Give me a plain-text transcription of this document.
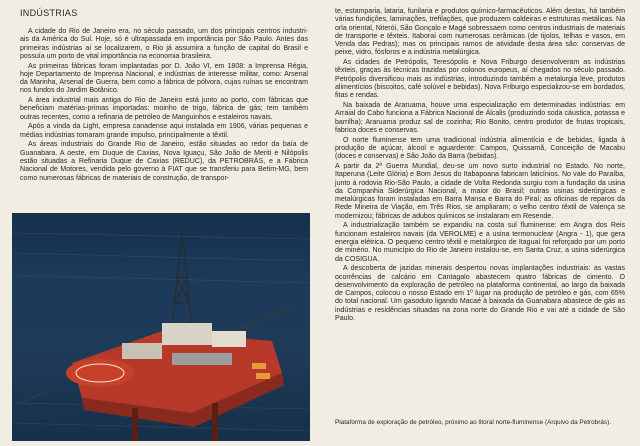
INDÚSTRIAS

A cidade do Rio de Janeiro era, no século passado, um dos principais centros industri- ais da América do Sul. Hoje, só é ultrapassada em importância por São Paulo. Antes das primeiras indústrias aí se localizarem, o Rio já assumira a função de capital do Brasil e possuía um porto de vital importância na economia brasileira.

As primeiras fábricas foram implantadas por D. João VI, em 1808: a Imprensa Régia, hoje Departamento de Imprensa Nacional, e indústrias de interesse militar, como: Arsenal da Marinha, Arsenal de Guerra, bem como a fábrica de pólvora, cujas ruínas se encontram nos fundos do Jardim Botânico.

A área industrial mais antiga do Rio de Janeiro está junto ao porto, com fábricas que beneficiam matérias-primas importadas: moinho de trigo, fábrica de gás; tem também outras recentes, como a refinaria de petróleo de Manguinhos e estaleiros navais.

Após a vinda da Light, empresa canadense aqui instalada em 1906, várias pequenas e médias indústrias tomaram grande impulso, principalmente a têxtil.

As áreas industriais do Grande Rio de Janeiro, estão situadas ao redor da baía de Guanabara. A oeste, em Duque de Caxias, Nova Iguaçu, São João de Meriti e Nilópolis estão situadas a Refinaria Duque de Caxias (REDUC), da PETROBRÁS, e a Fábrica Nacional de Motores, vendida pelo governo à FIAT que se transferiu para Betim-MG, bem como numerosas fábricas de materiais de construção, de transpor-

te, estamparia, lataria, funilaria e produtos químico-farmacêuticos. Além destas, há também várias fundições, laminações, trefilações, que produzem caldeiras e estruturas metálicas. Na orla oriental, Niterói, São Gonçalo e Magé sobressaem como centros industriais de materiais de transporte e têxteis. Itaboraí com numerosas cerâmicas (de tijolos, telhas e vasos, em Venda das Pedras); mas os principais ramos de atividade desta área são: conservas de peixe, vidro, fósforos e a indústria metalúrgica.

As cidades de Petrópolis, Teresópolis e Nova Friburgo desenvolveram as indústrias têxteis, graças às técnicas trazidas por colonos europeus, aí chegados no século passado. Petrópolis diversificou mais as indústrias, introduzindo também a metalurgia leve, produtos alimentícios (biscoitos, café solúvel e bebidas). Nova Friburgo especializou-se em bordados, fitas e rendas.

Na baixada de Araruama, houve uma especialização em determinadas indústrias: em Arraial do Cabo funciona a Fábrica Nacional de Álcalis (produzindo soda cáustica, potassa e barrilha); Araruama produz sal de cozinha; Rio Bonito, centro produtor de frutas tropicais, fabrica doces e conservas.

O norte fluminense tem uma tradicional indústria alimentícia e de bebidas, ligada à produção de açúcar, álcool e aguardente: Campos, Quissamã, Conceição de Macabu (doces e conservas) e São João da Barra (bebidas).

A partir da 2ª Guerra Mundial, deu-se um novo surto industrial no Estado. No norte, Itaperuna (Leite Glória) e Bom Jesus do Itabapoana fabricam laticínios. No vale do Paraíba, junto à rodovia Rio-São Paulo, a cidade de Volta Redonda surgiu com a fundação da usina da Companhia Siderúrgica Nacional, a maior do Brasil; outras usinas siderúrgicas e metalúrgicas foram instaladas em Barra Mansa e Barra do Piraí; as oficinas de reparos da Rede Mineira de Viação, em Três Rios, se ampliaram; o velho centro têxtil de Valença se modernizou; fábricas de adubos químicos se instalaram em Resende.

A industrialização também se expandiu na costa sul fluminense: em Angra dos Reis funcionam estaleiros navais (da VEROLME) e a usina termonuclear (Angra - 1), que gera energia elétrica. O pequeno centro têxtil e metalúrgico de Itaguaí foi reforçado por um porto de minério. No município do Rio de Janeiro instalou-se, em Santa Cruz, a usina siderúrgica da COSIGUA.

A descoberta de jazidas minerais despertou novas implantações industriais: as vastas ocorrências de calcário em Cantagalo abastecem quatro fábricas de cimento. O desenvolvimento da exploração de petróleo na plataforma continental, ao largo da baixada de Campos, colocou o nosso Estado em 1º lugar na produção de petróleo e gás, com 65% do total nacional. Um gasoduto ligando Macaé à baixada da Guanabara abastece de gás as indústrias e residências situadas na zona norte do Grande Rio e vai até a cidade de São Paulo.

Plataforma de exploração de petróleo, próximo ao litoral norte-fluminense (Arquivo da Petrobrás).
